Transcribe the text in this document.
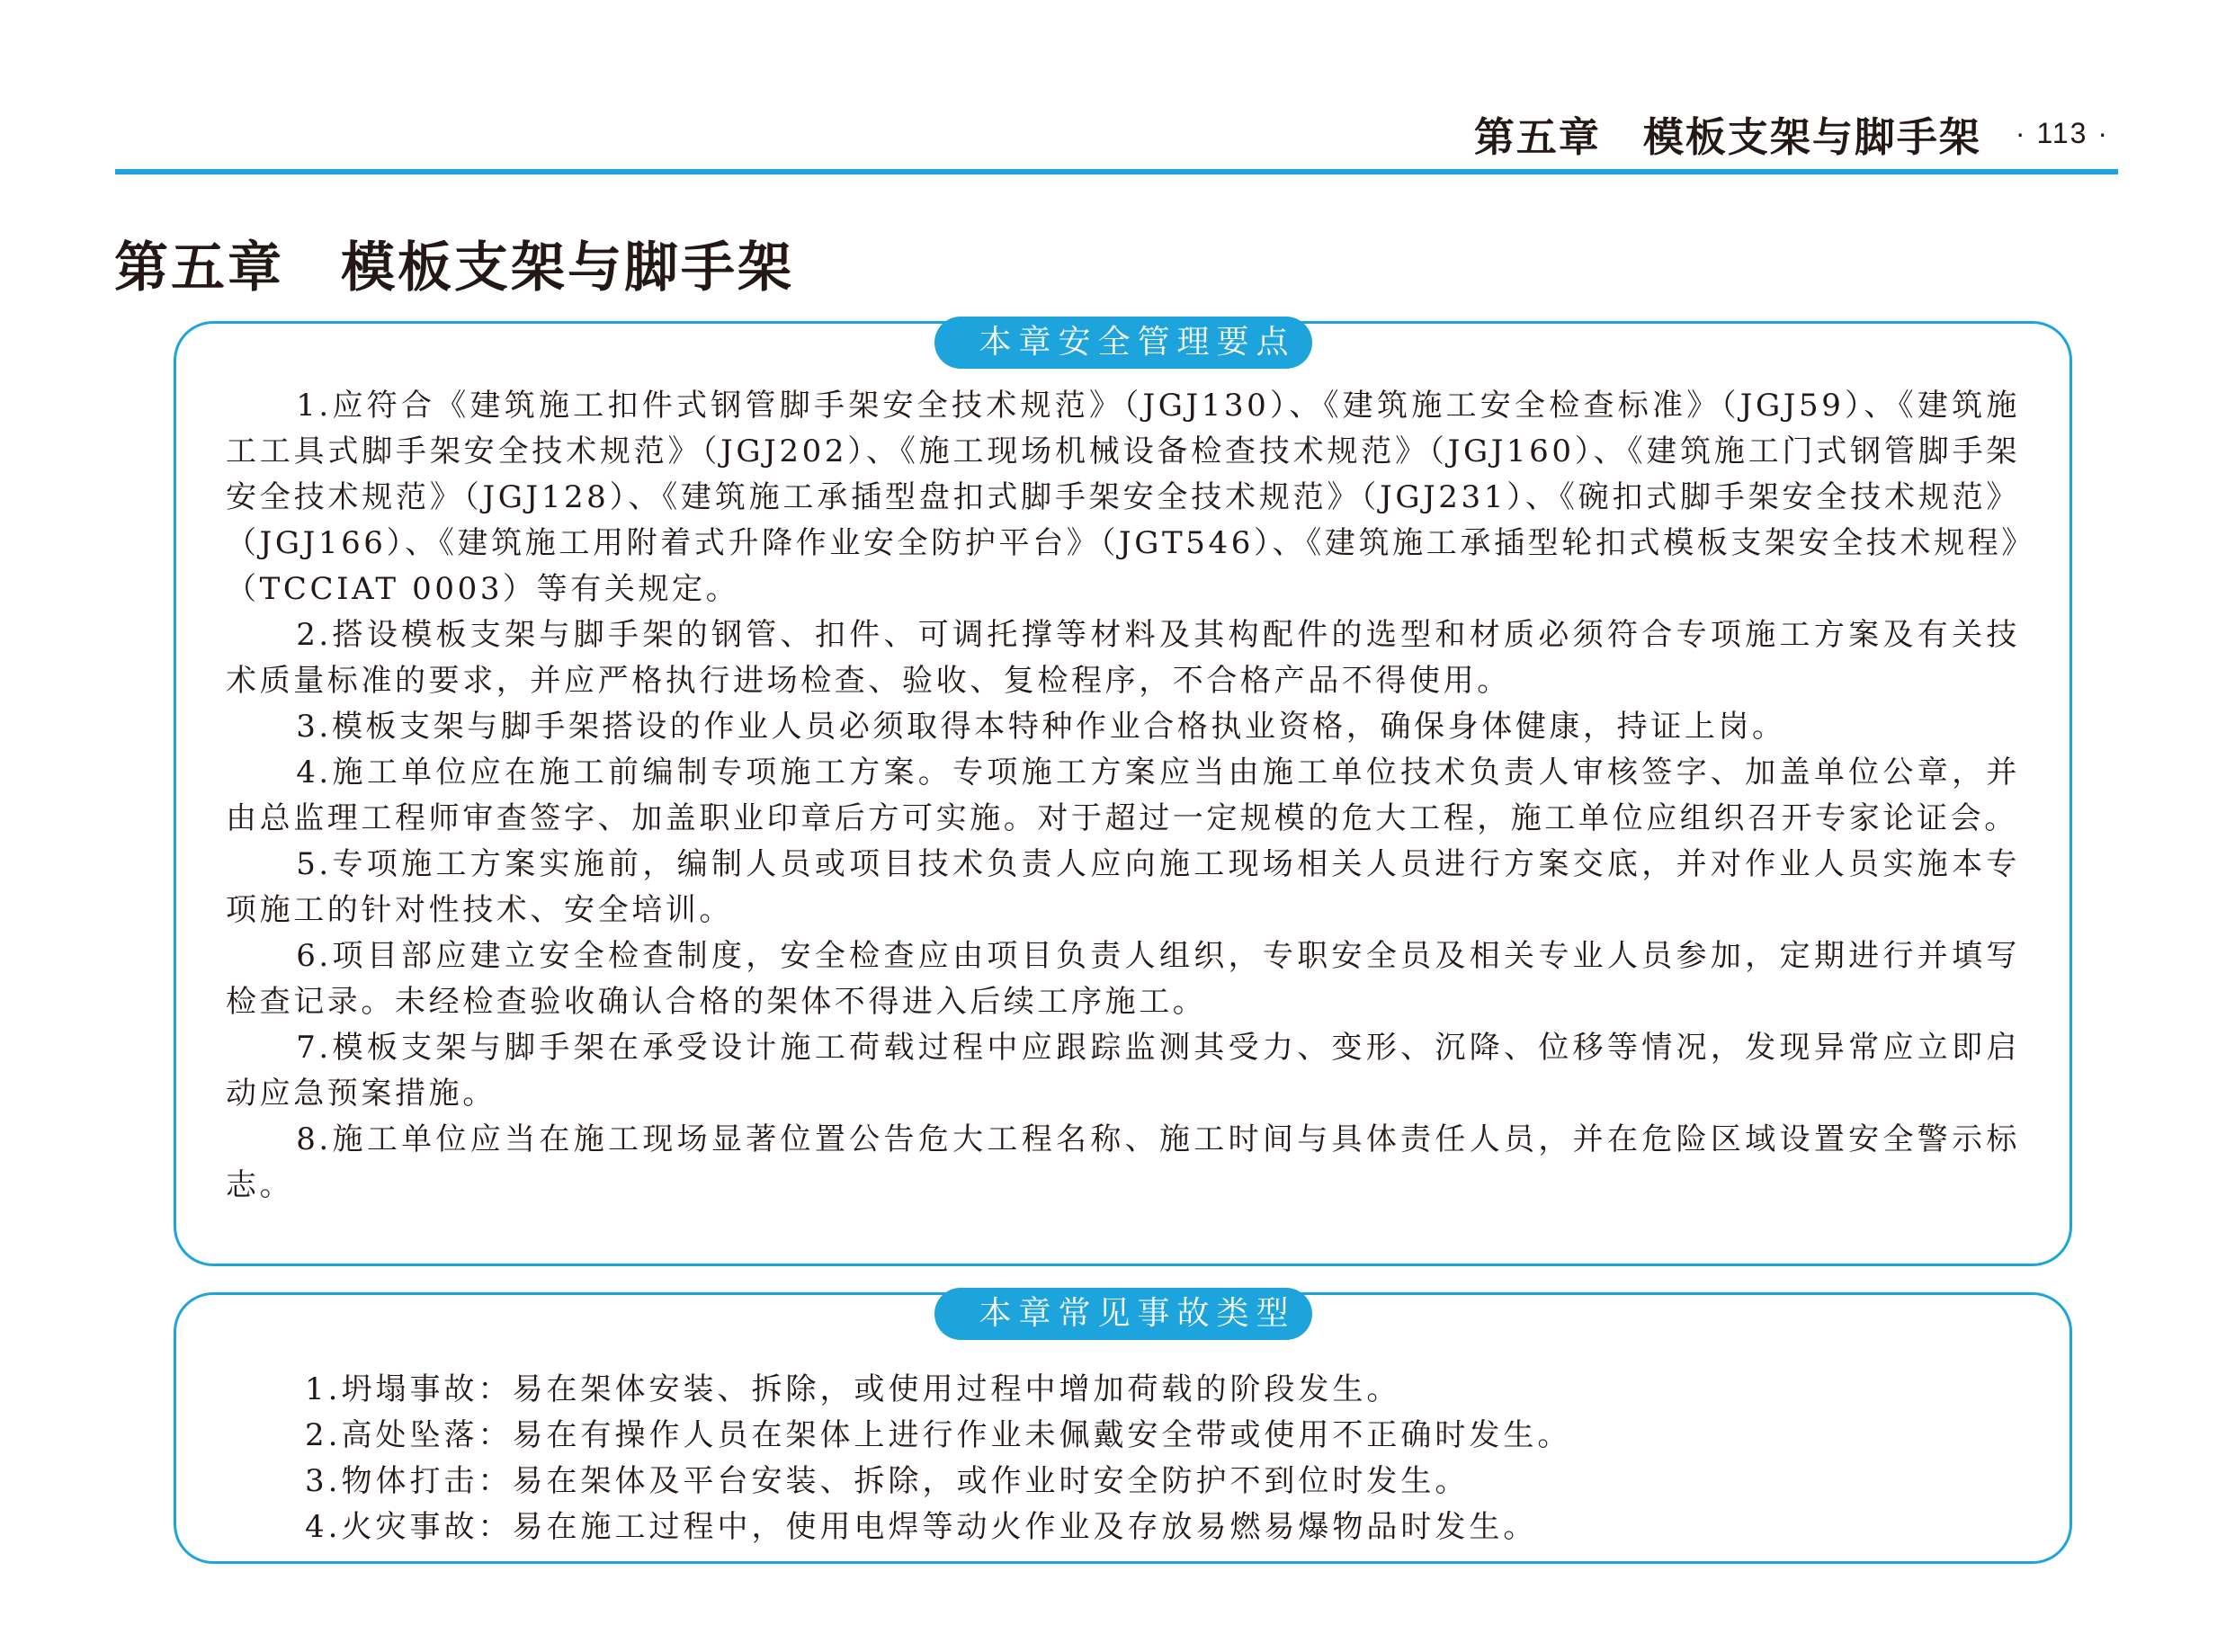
第五章　模板支架与脚手架 · 113 ·
第五章　模板支架与脚手架
本章安全管理要点

1.应符合《建筑施工扣件式钢管脚手架安全技术规范》（JGJ130）、《建筑施工安全检查标准》（JGJ59）、《建筑施工工具式脚手架安全技术规范》（JGJ202）、《施工现场机械设备检查技术规范》（JGJ160）、《建筑施工门式钢管脚手架安全技术规范》（JGJ128）、《建筑施工承插型盘扣式脚手架安全技术规范》（JGJ231）、《碗扣式脚手架安全技术规范》（JGJ166）、《建筑施工用附着式升降作业安全防护平台》（JGT546）、《建筑施工承插型轮扣式模板支架安全技术规程》（TCCIAT 0003）等有关规定。

2.搭设模板支架与脚手架的钢管、扣件、可调托撑等材料及其构配件的选型和材质必须符合专项施工方案及有关技术质量标准的要求，并应严格执行进场检查、验收、复检程序，不合格产品不得使用。

3.模板支架与脚手架搭设的作业人员必须取得本特种作业合格执业资格，确保身体健康，持证上岗。

4.施工单位应在施工前编制专项施工方案。专项施工方案应当由施工单位技术负责人审核签字、加盖单位公章，并由总监理工程师审查签字、加盖职业印章后方可实施。对于超过一定规模的危大工程，施工单位应组织召开专家论证会。

5.专项施工方案实施前，编制人员或项目技术负责人应向施工现场相关人员进行方案交底，并对作业人员实施本专项施工的针对性技术、安全培训。

6.项目部应建立安全检查制度，安全检查应由项目负责人组织，专职安全员及相关专业人员参加，定期进行并填写检查记录。未经检查验收确认合格的架体不得进入后续工序施工。

7.模板支架与脚手架在承受设计施工荷载过程中应跟踪监测其受力、变形、沉降、位移等情况，发现异常应立即启动应急预案措施。

8.施工单位应当在施工现场显著位置公告危大工程名称、施工时间与具体责任人员，并在危险区域设置安全警示标志。

本章常见事故类型

1.坍塌事故：易在架体安装、拆除，或使用过程中增加荷载的阶段发生。

2.高处坠落：易在有操作人员在架体上进行作业未佩戴安全带或使用不正确时发生。

3.物体打击：易在架体及平台安装、拆除，或作业时安全防护不到位时发生。

4.火灾事故：易在施工过程中，使用电焊等动火作业及存放易燃易爆物品时发生。
